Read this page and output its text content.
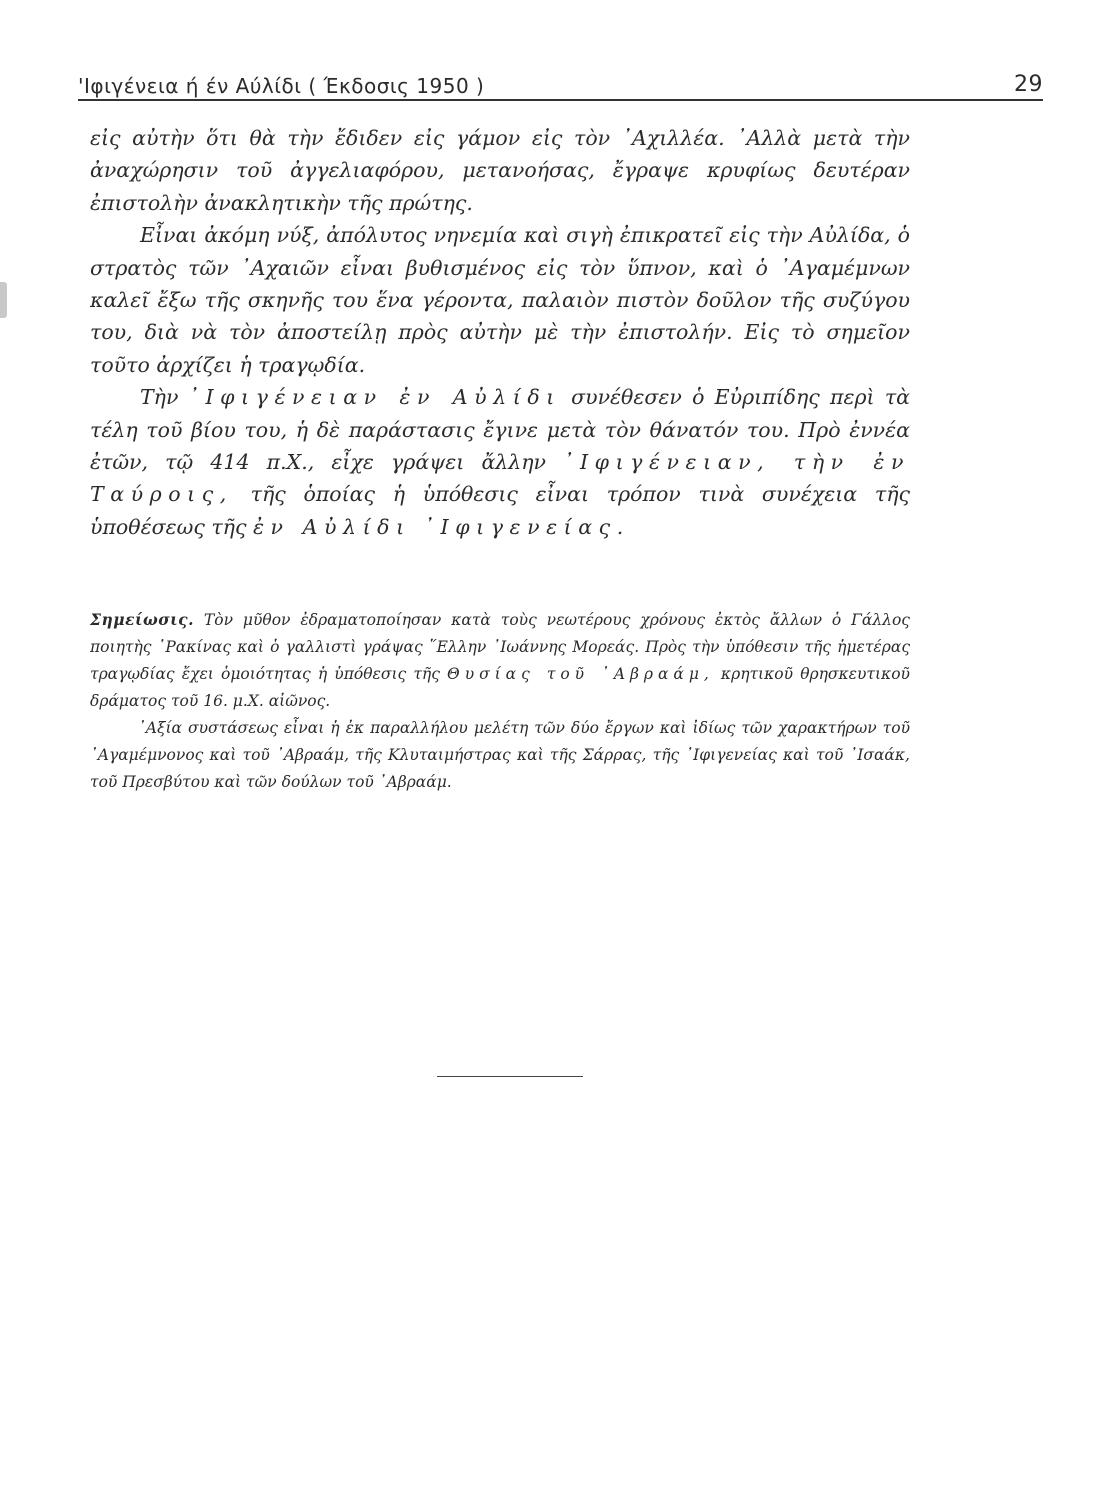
'Ιφιγένεια ή έν Αύλίδι ( Έκδοσις 1950 )	29

εἰς αὐτὴν ὅτι θὰ τὴν ἔδιδεν εἰς γάμον εἰς τὸν ᾿Αχιλλέα. ᾿Αλλὰ μετὰ τὴν ἀναχώρησιν τοῦ ἀγγελιαφόρου, μετανοήσας, ἔγραψε κρυφίως δευτέραν ἐπιστολὴν ἀνακλητικὴν τῆς πρώτης.

Εἶναι ἀκόμη νύξ, ἀπόλυτος νηνεμία καὶ σιγὴ ἐπικρατεῖ εἰς τὴν Αὐλίδα, ὁ στρατὸς τῶν ᾿Αχαιῶν εἶναι βυθισμένος εἰς τὸν ὕπνον, καὶ ὁ ᾿Αγαμέμνων καλεῖ ἔξω τῆς σκηνῆς του ἕνα γέροντα, παλαιὸν πιστὸν δοῦλον τῆς συζύγου του, διὰ νὰ τὸν ἀποστείλῃ πρὸς αὐτὴν μὲ τὴν ἐπιστολήν. Εἰς τὸ σημεῖον τοῦτο ἀρχίζει ἡ τραγῳδία.

Τὴν ᾿Ιφιγένειαν ἐν Αὐλίδι συνέθεσεν ὁ Εὐριπίδης περὶ τὰ τέλη τοῦ βίου του, ἡ δὲ παράστασις ἔγινε μετὰ τὸν θάνατόν του. Πρὸ ἐννέα ἐτῶν, τῷ 414 π.Χ., εἶχε γράψει ἄλλην ᾿Ιφιγένειαν, τὴν ἐν Ταύροις, τῆς ὁποίας ἡ ὑπόθεσις εἶναι τρόπον τινὰ συνέχεια τῆς ὑποθέσεως τῆς ἐν Αὐλίδι ᾿Ιφιγενείας.

Σημείωσις. Τὸν μῦθον ἐδραματοποίησαν κατὰ τοὺς νεωτέρους χρόνους ἐκτὸς ἄλλων ὁ Γάλλος ποιητὴς ῾Ρακίνας καὶ ὁ γαλλιστὶ γράψας ῞Ελλην ᾿Ιωάννης Μορεάς. Πρὸς τὴν ὑπόθεσιν τῆς ἡμετέρας τραγῳδίας ἔχει ὁμοιότητας ἡ ὑπόθεσις τῆς Θυσίας τοῦ ᾿Αβραάμ, κρητικοῦ θρησκευτικοῦ δράματος τοῦ 16. μ.Χ. αἰῶνος.

᾿Αξία συστάσεως εἶναι ἡ ἐκ παραλλήλου μελέτη τῶν δύο ἔργων καὶ ἰδίως τῶν χαρακτήρων τοῦ ᾿Αγαμέμνονος καὶ τοῦ ᾿Αβραάμ, τῆς Κλυταιμήστρας καὶ τῆς Σάρρας, τῆς ᾿Ιφιγενείας καὶ τοῦ ᾿Ισαάκ, τοῦ Πρεσβύτου καὶ τῶν δούλων τοῦ ᾿Αβραάμ.
